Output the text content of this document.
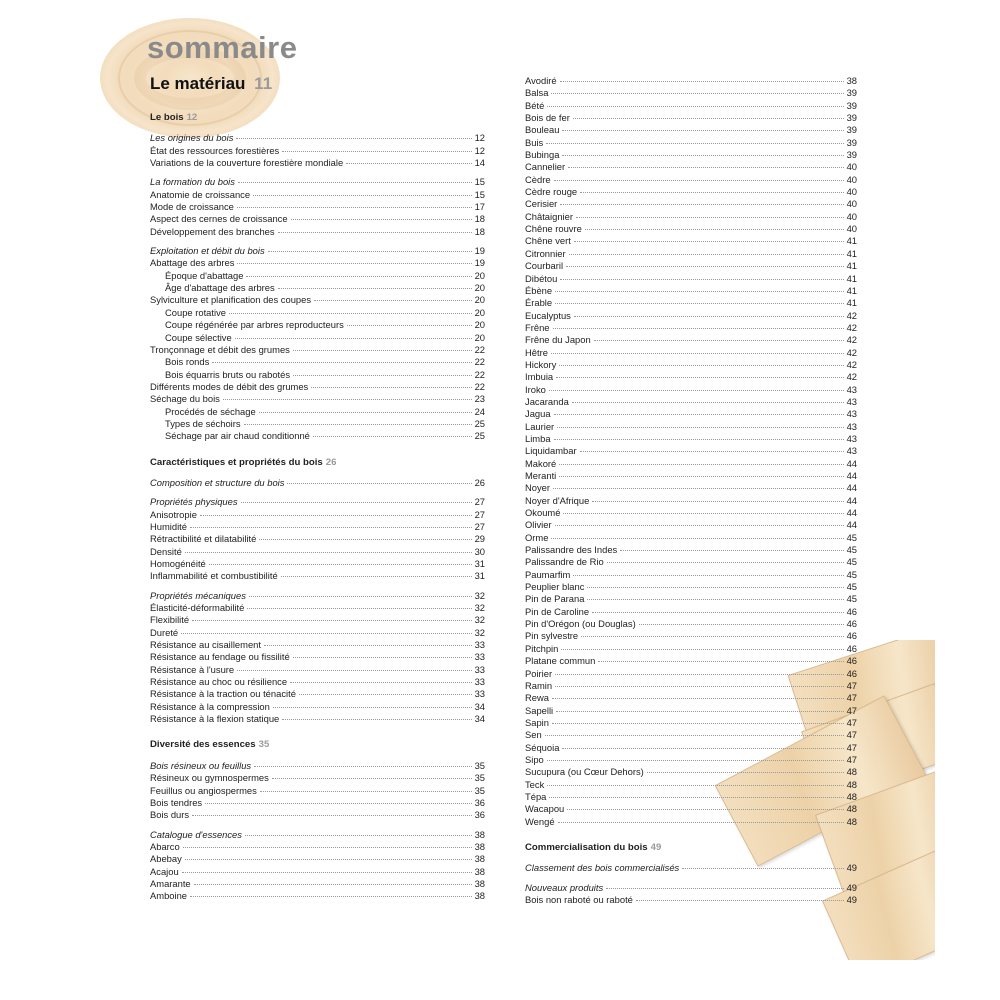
sommaire
Le matériau 11
Le bois 12
Les origines du bois	12
État des ressources forestières	12
Variations de la couverture forestière mondiale	14
La formation du bois	15
Anatomie de croissance	15
Mode de croissance	17
Aspect des cernes de croissance	18
Développement des branches	18
Exploitation et débit du bois	19
Abattage des arbres	19
Époque d'abattage	20
Âge d'abattage des arbres	20
Sylviculture et planification des coupes	20
Coupe rotative	20
Coupe régénérée par arbres reproducteurs	20
Coupe sélective	20
Tronçonnage et débit des grumes	22
Bois ronds	22
Bois équarris bruts ou rabotés	22
Différents modes de débit des grumes	22
Séchage du bois	23
Procédés de séchage	24
Types de séchoirs	25
Séchage par air chaud conditionné	25
Caractéristiques et propriétés du bois 26
Composition et structure du bois	26
Propriétés physiques	27
Anisotropie	27
Humidité	27
Rétractibilité et dilatabilité	29
Densité	30
Homogénéité	31
Inflammabilité et combustibilité	31
Propriétés mécaniques	32
Élasticité-déformabilité	32
Flexibilité	32
Dureté	32
Résistance au cisaillement	33
Résistance au fendage ou fissilité	33
Résistance à l'usure	33
Résistance au choc ou résilience	33
Résistance à la traction ou ténacité	33
Résistance à la compression	34
Résistance à la flexion statique	34
Diversité des essences 35
Bois résineux ou feuillus	35
Résineux ou gymnospermes	35
Feuillus ou angiospermes	35
Bois tendres	36
Bois durs	36
Catalogue d'essences	38
Abarco	38
Abebay	38
Acajou	38
Amarante	38
Amboine	38
Avodiré	38
Balsa	39
Bété	39
Bois de fer	39
Bouleau	39
Buis	39
Bubinga	39
Cannelier	40
Cèdre	40
Cèdre rouge	40
Cerisier	40
Châtaignier	40
Chêne rouvre	40
Chêne vert	41
Citronnier	41
Courbaril	41
Dibétou	41
Ébène	41
Érable	41
Eucalyptus	42
Frêne	42
Frêne du Japon	42
Hêtre	42
Hickory	42
Imbuia	42
Iroko	43
Jacaranda	43
Jagua	43
Laurier	43
Limba	43
Liquidambar	43
Makoré	44
Meranti	44
Noyer	44
Noyer d'Afrique	44
Okoumé	44
Olivier	44
Orme	45
Palissandre des Indes	45
Palissandre de Rio	45
Paumarfim	45
Peuplier blanc	45
Pin de Parana	45
Pin de Caroline	46
Pin d'Orégon (ou Douglas)	46
Pin sylvestre	46
Pitchpin	46
Platane commun	46
Poirier	46
Ramin	47
Rewa	47
Sapelli	47
Sapin	47
Sen	47
Séquoia	47
Sipo	47
Sucupura (ou Cœur Dehors)	48
Teck	48
Tépa	48
Wacapou	48
Wengé	48
Commercialisation du bois 49
Classement des bois commercialisés	49
Nouveaux produits	49
Bois non raboté ou raboté	49
